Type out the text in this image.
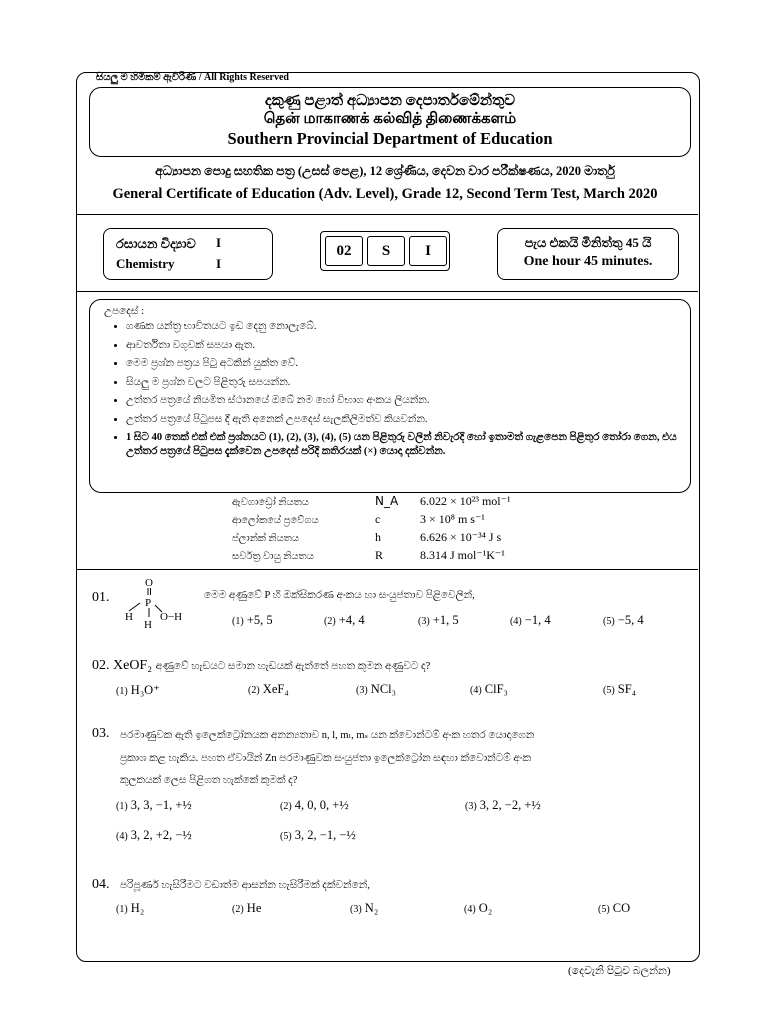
සියලු ම හිමිකම් ඇවිරිණි / All Rights Reserved
දකුණු පළාත් අධ්‍යාපන දෙපාර්තමේන්තුව
தென் மாகாணக் கல்வித் திணைக்களம்
Southern Provincial Department of Education
අධ්‍යාපන පොදු සහතික පත්‍ර (උසස් පෙළ), 12 ශ්‍රේණිය, දෙවන වාර පරීක්ෂණය, 2020 මාර්තු
General Certificate of Education (Adv. Level), Grade 12, Second Term Test, March 2020
රසායන විද්‍යාව I
Chemistry	I
02	S	I
පැය එකයි මිනිත්තු 45 යි
One hour 45 minutes.
උපදෙස් :
• ගණක යන්ත්‍ර භාවිතයට ඉඩ දෙනු නොලැබේ.
• ආවර්තිතා වගුවක් සපයා ඇත.
• මෙම ප්‍රශ්න පත්‍රය පිටු අටකින් යුක්ත වේ.
• සියලු ම ප්‍රශ්න වලට පිළිතුරු සපයන්න.
• උත්තර පත්‍රයේ නියමිත ස්ථානයේ ඔබේ නම හෝ විභාග අංකය ලියන්න.
• උත්තර පත්‍රයේ පිටුපස දී ඇති අනෙක් උපදෙස් සැලකිලිමත්ව කියවන්න.
• 1 සිට 40 තෙක් එක් එක් ප්‍රශ්නයට (1), (2), (3), (4), (5) යන පිළිතුරු වලින් නිවැරදි හෝ ඉතාමත් ගැළපෙන පිළිතුර තෝරා ගෙන, එය උත්තර පත්‍රයේ පිටුපස දැක්වෙන උපදෙස් පරිදි කතිරයක් (×) යොදා දක්වන්න.
ඇවගාඩ්‍රෝ නියතය	N_A 6.022 × 10²³ mol⁻¹
ආලෝකයේ ප්‍රවේගය	c	3 × 10⁸ m s⁻¹
ප්ලාන්ක් නියතය	h	6.626 × 10⁻³⁴ J s
සර්වත්‍ර වායු නියතය	R	8.314 J mol⁻¹K⁻¹
01.
O
P
H
H
O−H
මෙම අණුවේ P හි ඔක්සිකරණ අංකය හා සංයුජතාව පිළිවෙලින්,
(1) +5, 5	(2) +4, 4	(3) +1, 5	(4) −1, 4	(5) −5, 4
02. XeOF₂ අණුවේ හැඩයට සමාන හැඩයක් ඇත්තේ පහත කුමන අණුවට ද?
(1) H₃O⁺	(2) XeF₄	(3) NCl₃	(4) ClF₃	(5) SF₄
03. පරමාණුවක ඇති ඉලෙක්ට්‍රෝනයක අනන්‍යතාව n, l, mₗ, mₛ යන ක්වොන්ටම් අංක හතර යොදාගෙන
ප්‍රකාශ කළ හැකිය. පහත ඒවායින් Zn පරමාණුවක සංයුජතා ඉලෙක්ට්‍රෝන සඳහා ක්වොන්ටම් අංක
කුලකයක් ලෙස පිළිගත හැක්කේ කුමක් ද?
(1) 3, 3, −1, +½	(2) 4, 0, 0, +½	(3) 3, 2, −2, +½
(4) 3, 2, +2, −½	(5) 3, 2, −1, −½
04. පරිපූර්ණ හැසිරීමට වඩාත්ම ආසන්න හැසිරීමක් දක්වන්නේ,
(1) H₂	(2) He	(3) N₂	(4) O₂	(5) CO
(දෙවැනි පිටුව බලන්න)
